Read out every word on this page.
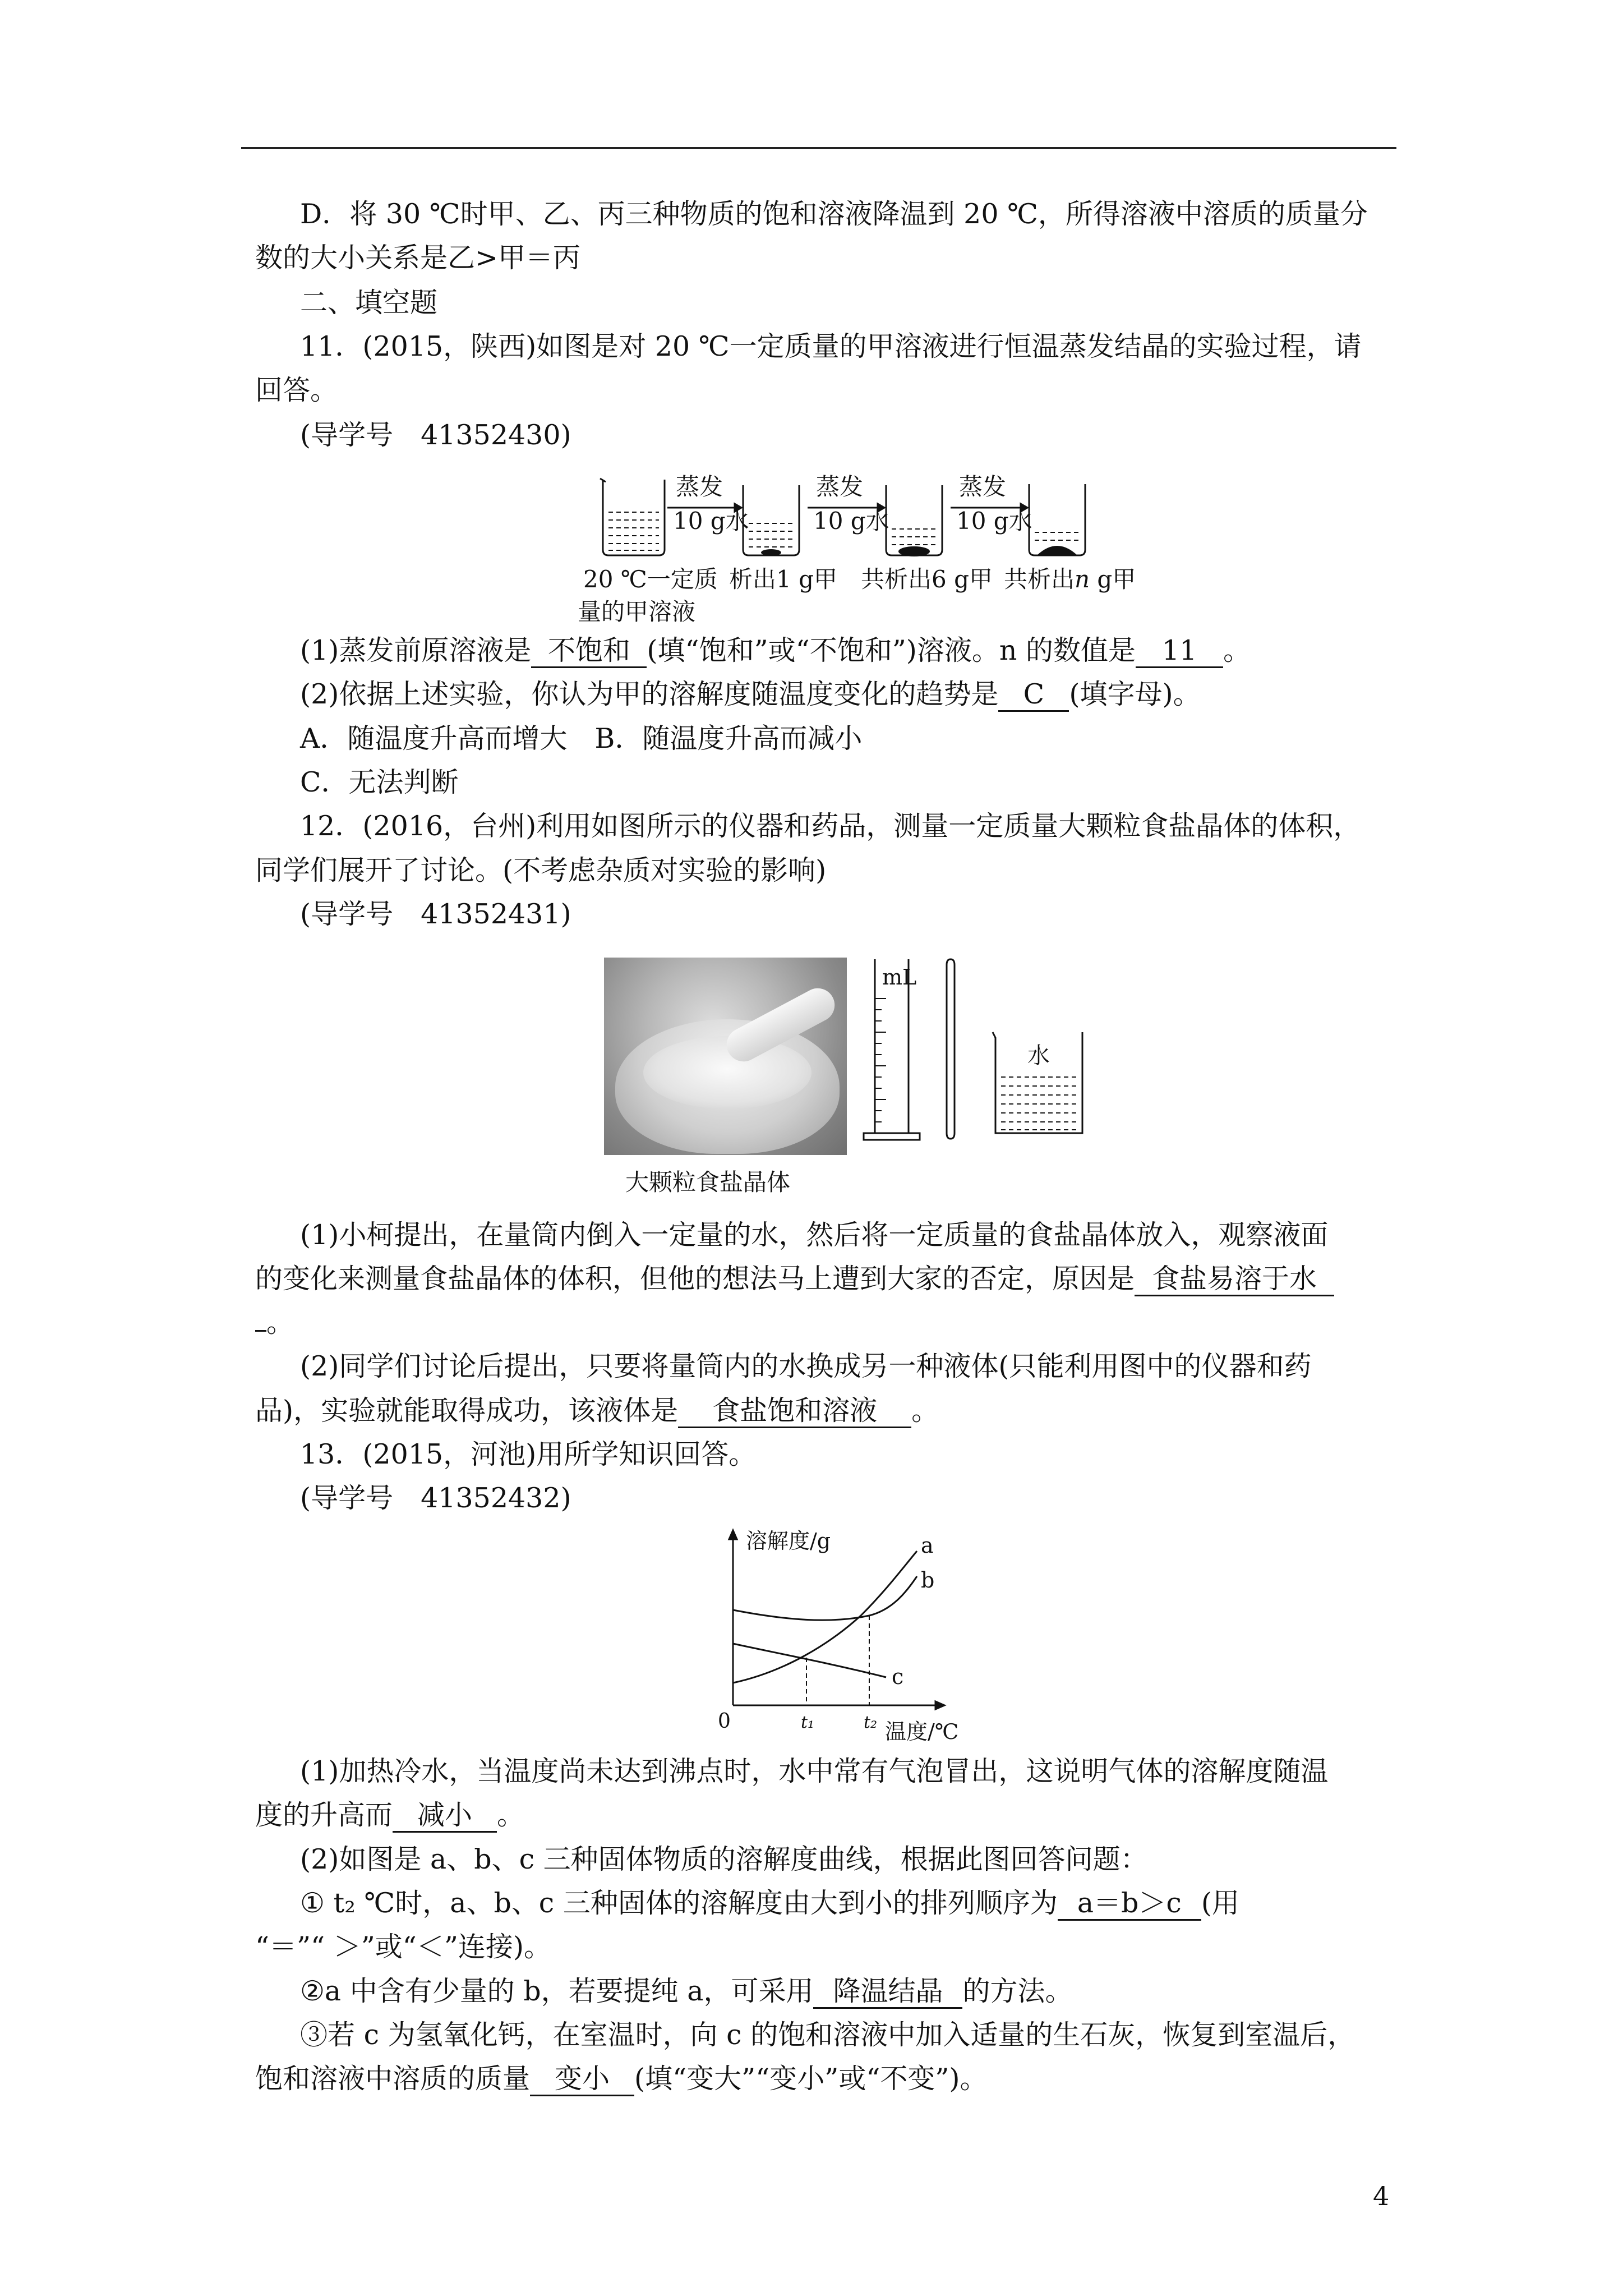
D．将 30 ℃时甲、乙、丙三种物质的饱和溶液降温到 20 ℃，所得溶液中溶质的质量分
数的大小关系是乙>甲＝丙
二、填空题
11．(2015，陕西)如图是对 20 ℃一定质量的甲溶液进行恒温蒸发结晶的实验过程，请
回答。
(导学号　41352430)
蒸发
10 g水
蒸发
10 g水
蒸发
10 g水
20 ℃一定质
量的甲溶液
析出1 g甲 共析出6 g甲 共析出n g甲
(1)蒸发前原溶液是 不饱和 (填“饱和”或“不饱和”)溶液。n 的数值是 11 。
(2)依据上述实验，你认为甲的溶解度随温度变化的趋势是 C (填字母)。
A．随温度升高而增大　B．随温度升高而减小
C．无法判断
12．(2016，台州)利用如图所示的仪器和药品，测量一定质量大颗粒食盐晶体的体积，
同学们展开了讨论。(不考虑杂质对实验的影响)
(导学号　41352431)
大颗粒食盐晶体
mL
水
(1)小柯提出，在量筒内倒入一定量的水，然后将一定质量的食盐晶体放入，观察液面
的变化来测量食盐晶体的体积，但他的想法马上遭到大家的否定，原因是 食盐易溶于水
。
(2)同学们讨论后提出，只要将量筒内的水换成另一种液体(只能利用图中的仪器和药
品)，实验就能取得成功，该液体是 食盐饱和溶液 。
13．(2015，河池)用所学知识回答。
(导学号　41352432)
溶解度/g
温度/℃
0
a
b
c
t₁	t₂
(1)加热冷水，当温度尚未达到沸点时，水中常有气泡冒出，这说明气体的溶解度随温
度的升高而 减小 。
(2)如图是 a、b、c 三种固体物质的溶解度曲线，根据此图回答问题：
① t₂ ℃时，a、b、c 三种固体的溶解度由大到小的排列顺序为 a＝b＞c (用
“＝”“ ＞”或“＜”连接)。
②a 中含有少量的 b，若要提纯 a，可采用 降温结晶 的方法。
③若 c 为氢氧化钙，在室温时，向 c 的饱和溶液中加入适量的生石灰，恢复到室温后，
饱和溶液中溶质的质量 变小 (填“变大”“变小”或“不变”)。
4
